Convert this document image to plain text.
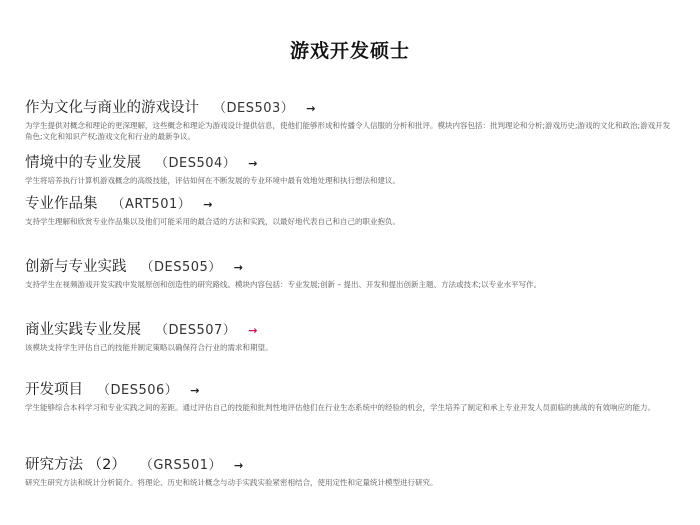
游戏开发硕士
作为文化与商业的游戏设计 （DES503） →
为学生提供对概念和理论的更深理解，这些概念和理论为游戏设计提供信息，使他们能够形成和传播令人信服的分析和批评。模块内容包括：批判理论和分析;游戏历史;游戏的文化和政治;游戏开发角色;文化和知识产权;游戏文化和行业的最新争议。
情境中的专业发展 （DES504） →
学生将培养执行计算机游戏概念的高级技能，评估如何在不断发展的专业环境中最有效地处理和执行想法和建议。
专业作品集 （ART501） →
支持学生理解和欣赏专业作品集以及他们可能采用的最合适的方法和实践，以最好地代表自己和自己的职业抱负。
创新与专业实践 （DES505） →
支持学生在视频游戏开发实践中发展原创和创造性的研究路线。模块内容包括：专业发展;创新 – 提出、开发和提出创新主题、方法或技术;以专业水平写作。
商业实践专业发展 （DES507） →
该模块支持学生评估自己的技能并制定策略以确保符合行业的需求和期望。
开发项目 （DES506） →
学生能够综合本科学习和专业实践之间的差距。通过评估自己的技能和批判性地评估他们在行业生态系统中的经验的机会，学生培养了制定和承上专业开发人员面临的挑战的有效响应的能力。
研究方法 （2） （GRS501） →
研究生研究方法和统计分析简介。将理论、历史和统计概念与动手实践实验紧密相结合，使用定性和定量统计模型进行研究。
